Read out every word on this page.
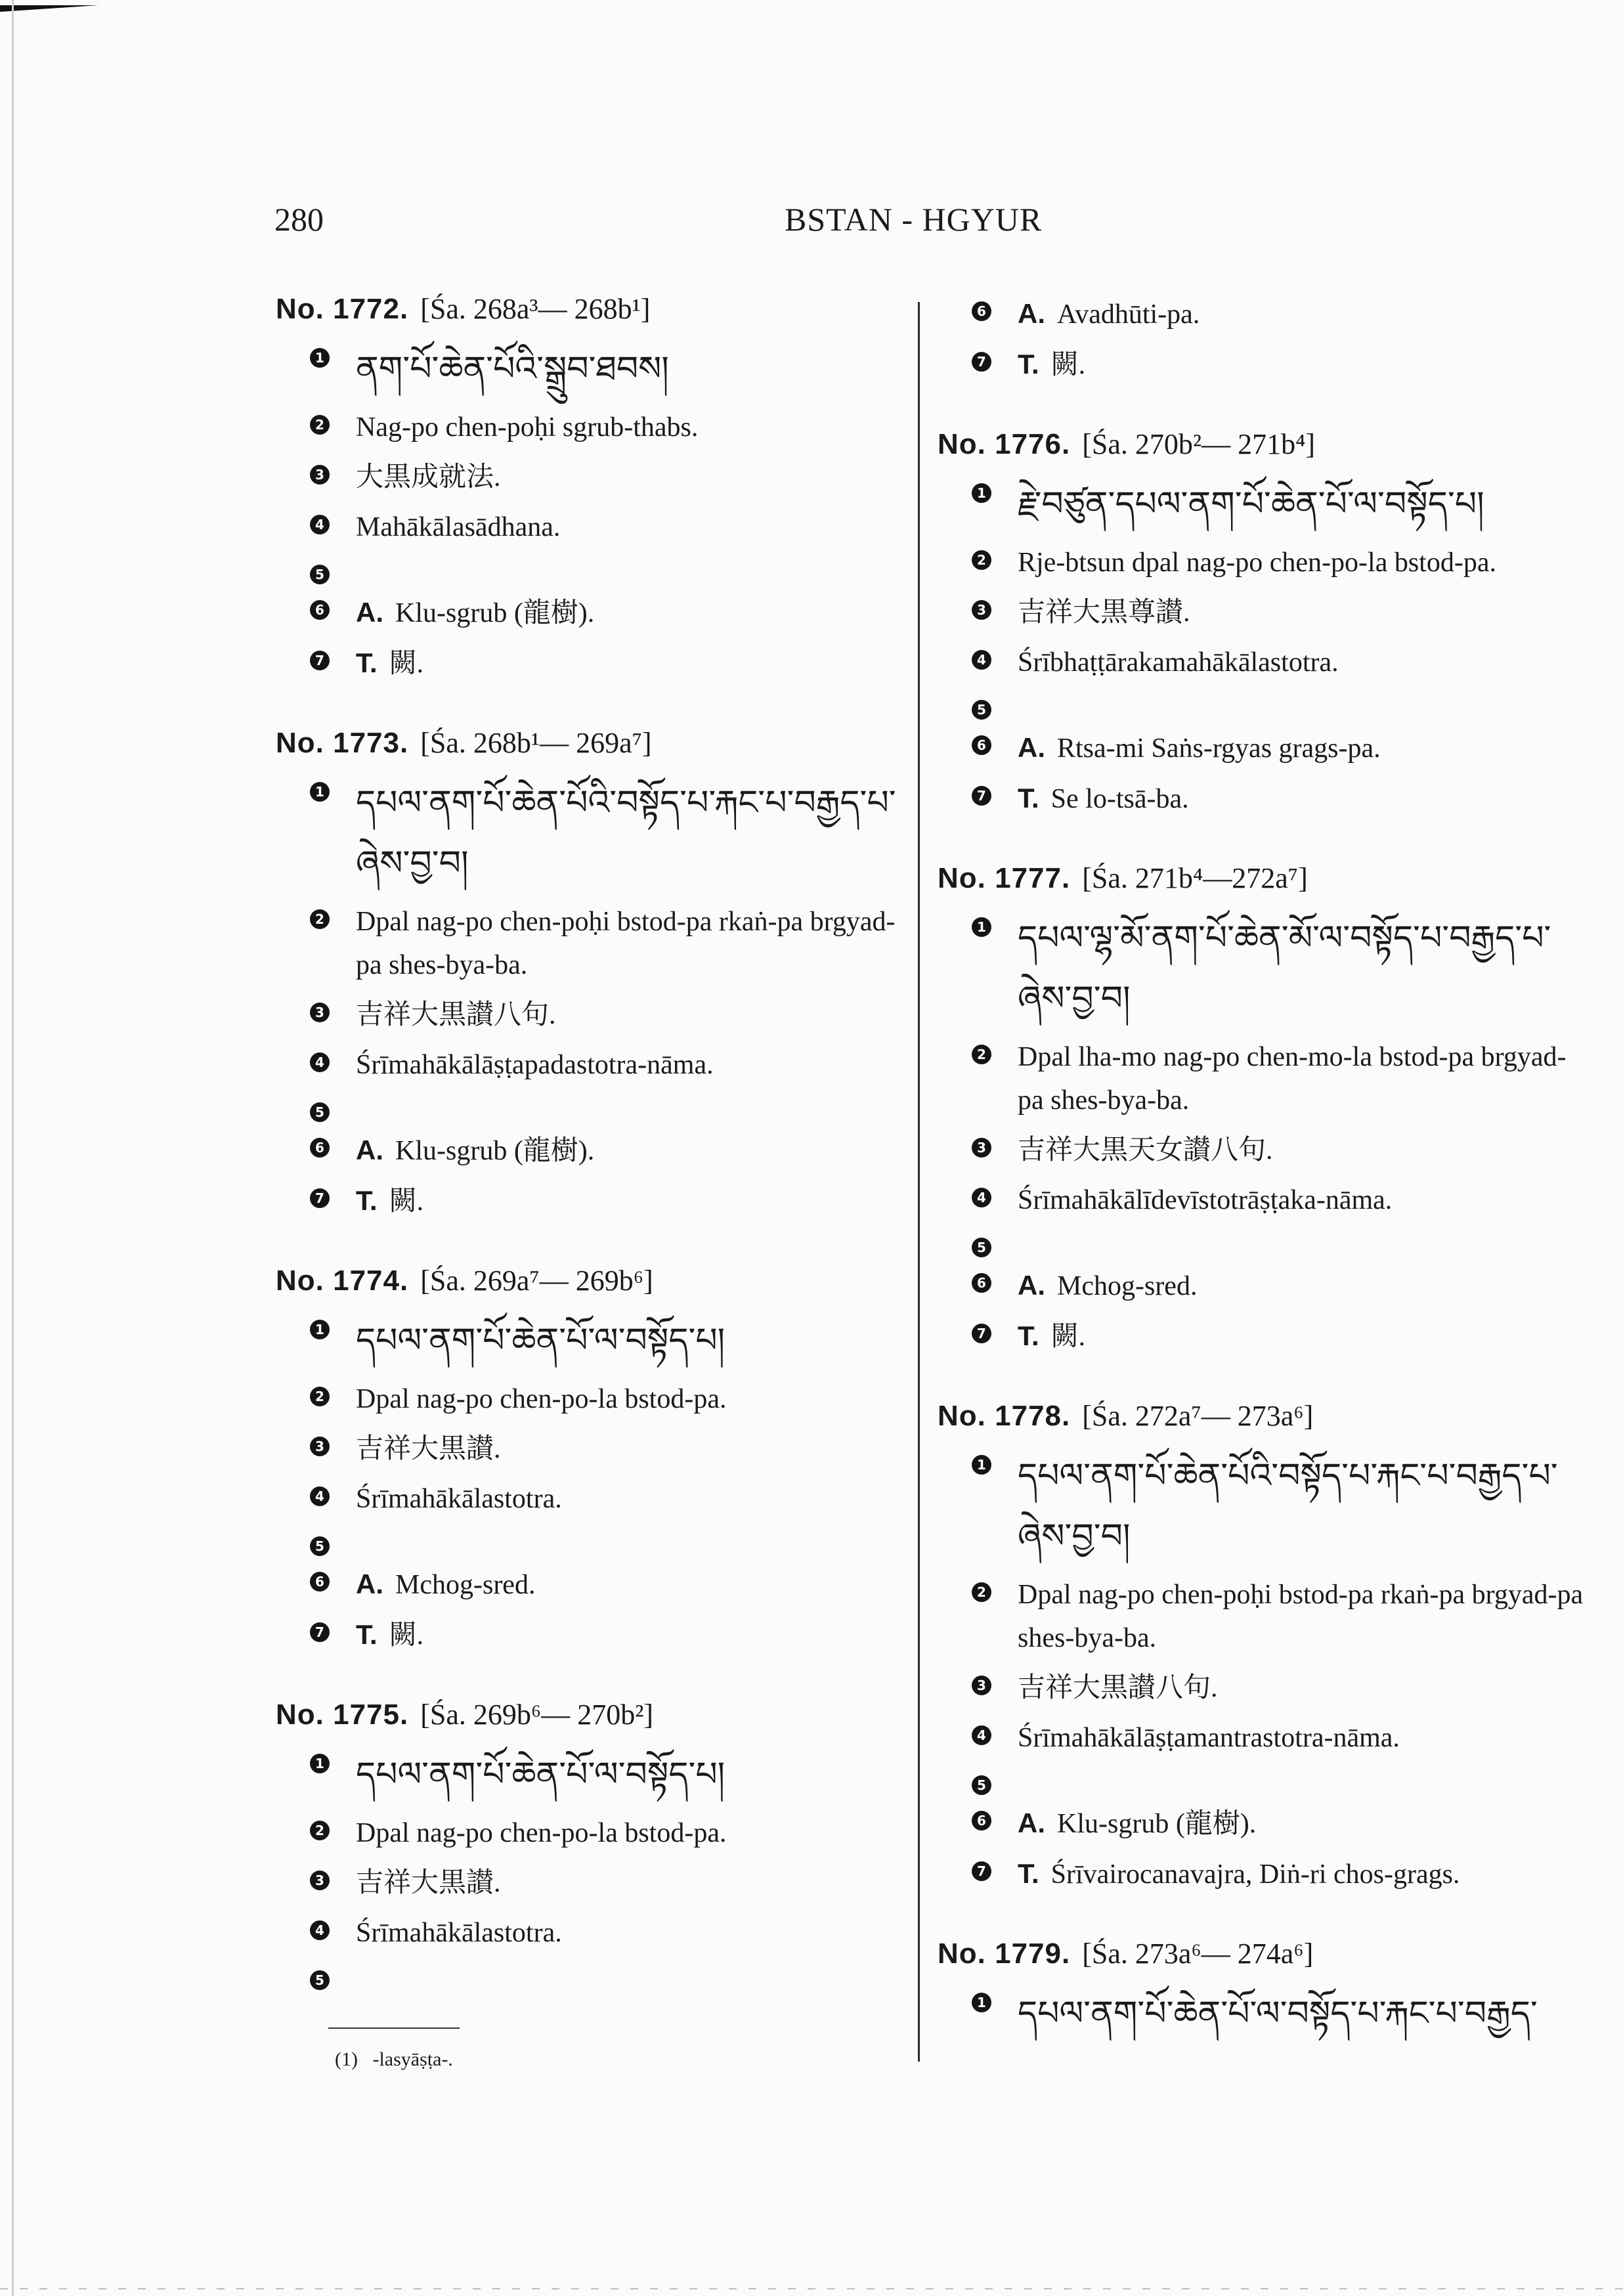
280	BSTAN - HGYUR
No. 1772. [Śa. 268a³— 268b¹]
1 ནག་པོ་ཆེན་པོའི་སྒྲུབ་ཐབས།
2 Nag-po chen-poḥi sgrub-thabs.
3 大黒成就法.
4 Mahākālasādhana.
5
6 A. Klu-sgrub (龍樹).
7 T. 闕.
No. 1773. [Śa. 268b¹— 269a⁷]
1 དཔལ་ནག་པོ་ཆེན་པོའི་བསྟོད་པ་རྐང་པ་བརྒྱད་པ་ཞེས་བྱ་བ།
2 Dpal nag-po chen-poḥi bstod-pa rkaṅ-pa brgyad-pa shes-bya-ba.
3 吉祥大黒讃八句.
4 Śrīmahākālāṣṭapadastotra-nāma.
5
6 A. Klu-sgrub (龍樹).
7 T. 闕.
No. 1774. [Śa. 269a⁷— 269b⁶]
1 དཔལ་ནག་པོ་ཆེན་པོ་ལ་བསྟོད་པ།
2 Dpal nag-po chen-po-la bstod-pa.
3 吉祥大黒讃.
4 Śrīmahākālastotra.
5
6 A. Mchog-sred.
7 T. 闕.
No. 1775. [Śa. 269b⁶— 270b²]
1 དཔལ་ནག་པོ་ཆེན་པོ་ལ་བསྟོད་པ།
2 Dpal nag-po chen-po-la bstod-pa.
3 吉祥大黒讃.
4 Śrīmahākālastotra.
5
6 A. Avadhūti-pa.
7 T. 闕.
No. 1776. [Śa. 270b²— 271b⁴]
1 རྗེ་བཙུན་དཔལ་ནག་པོ་ཆེན་པོ་ལ་བསྟོད་པ།
2 Rje-btsun dpal nag-po chen-po-la bstod-pa.
3 吉祥大黒尊讃.
4 Śrībhaṭṭārakamahākālastotra.
5
6 A. Rtsa-mi Saṅs-rgyas grags-pa.
7 T. Se lo-tsā-ba.
No. 1777. [Śa. 271b⁴—272a⁷]
1 དཔལ་ལྷ་མོ་ནག་པོ་ཆེན་མོ་ལ་བསྟོད་པ་བརྒྱད་པ་ཞེས་བྱ་བ།
2 Dpal lha-mo nag-po chen-mo-la bstod-pa brgyad-pa shes-bya-ba.
3 吉祥大黒天女讃八句.
4 Śrīmahākālīdevīstotrāṣṭaka-nāma.
5
6 A. Mchog-sred.
7 T. 闕.
No. 1778. [Śa. 272a⁷— 273a⁶]
1 དཔལ་ནག་པོ་ཆེན་པོའི་བསྟོད་པ་རྐང་པ་བརྒྱད་པ་ཞེས་བྱ་བ།
2 Dpal nag-po chen-poḥi bstod-pa rkaṅ-pa brgyad-pa shes-bya-ba.
3 吉祥大黒讃八句.
4 Śrīmahākālāṣṭamantrastotra-nāma.
5
6 A. Klu-sgrub (龍樹).
7 T. Śrīvairocanavajra, Diṅ-ri chos-grags.
No. 1779. [Śa. 273a⁶— 274a⁶]
1 དཔལ་ནག་པོ་ཆེན་པོ་ལ་བསྟོད་པ་རྐང་པ་བརྒྱད་
(1) -lasyāṣṭa-.
